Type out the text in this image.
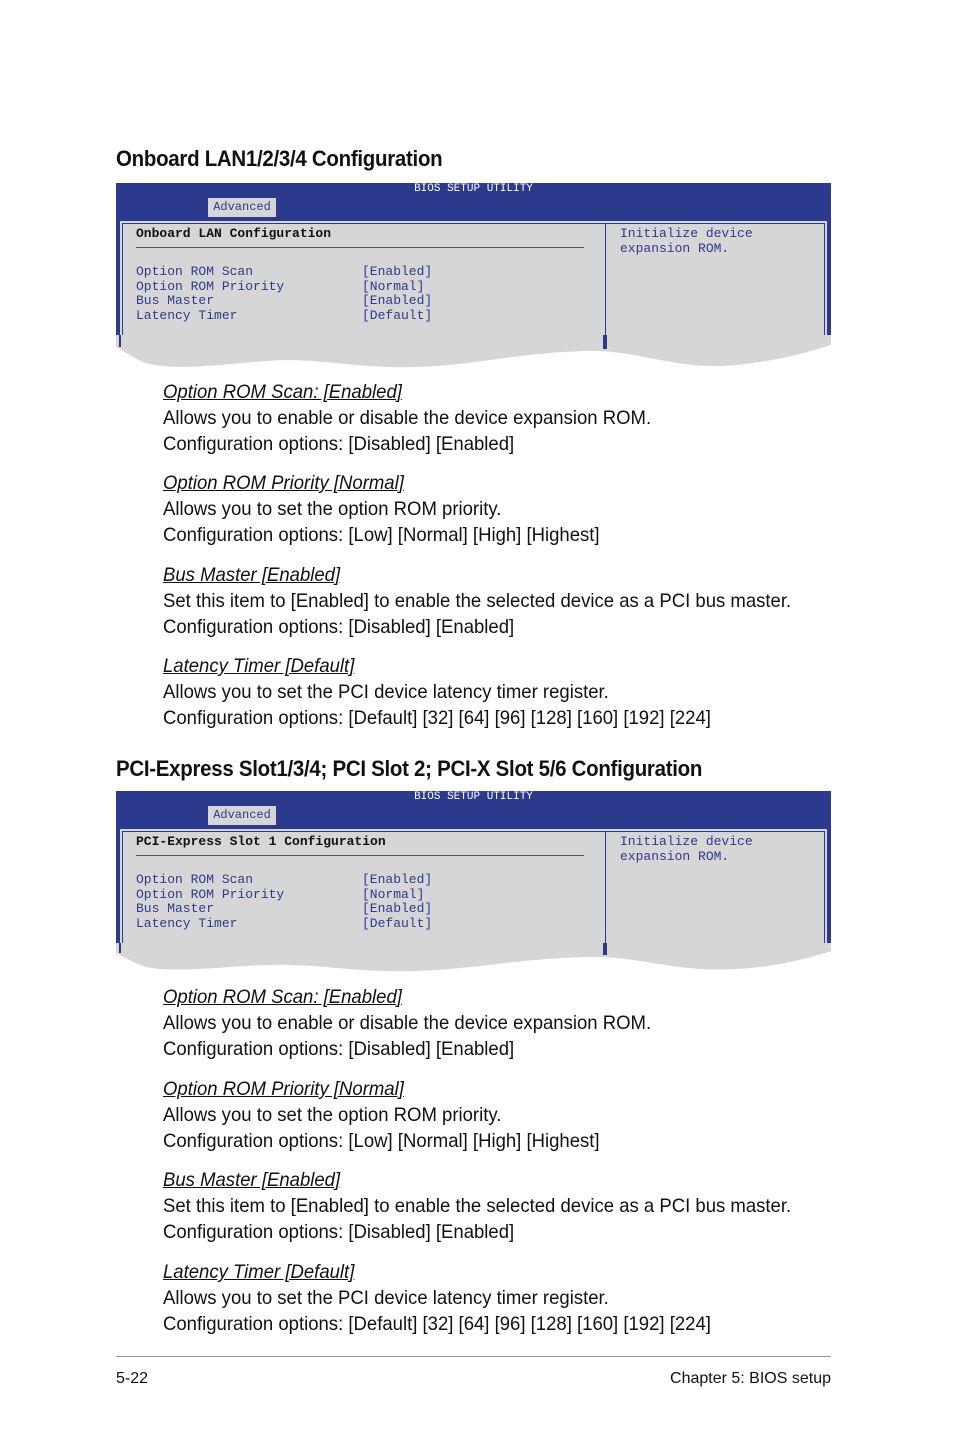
Onboard LAN1/2/3/4 Configuration
BIOS SETUP UTILITY
Advanced
Onboard LAN Configuration
Option ROM Scan	[Enabled]
Option ROM Priority	[Normal]
Bus Master	[Enabled]
Latency Timer	[Default]
Initialize device
expansion ROM.
Option ROM Scan: [Enabled]
Allows you to enable or disable the device expansion ROM.
Configuration options: [Disabled] [Enabled]
Option ROM Priority [Normal]
Allows you to set the option ROM priority.
Configuration options: [Low] [Normal] [High] [Highest]
Bus Master [Enabled]
Set this item to [Enabled] to enable the selected device as a PCI bus master.
Configuration options: [Disabled] [Enabled]
Latency Timer [Default]
Allows you to set the PCI device latency timer register.
Configuration options: [Default] [32] [64] [96] [128] [160] [192] [224]
PCI-Express Slot1/3/4; PCI Slot 2; PCI-X Slot 5/6 Configuration
BIOS SETUP UTILITY
Advanced
PCI-Express Slot 1 Configuration
Option ROM Scan	[Enabled]
Option ROM Priority	[Normal]
Bus Master	[Enabled]
Latency Timer	[Default]
Initialize device
expansion ROM.
Option ROM Scan: [Enabled]
Allows you to enable or disable the device expansion ROM.
Configuration options: [Disabled] [Enabled]
Option ROM Priority [Normal]
Allows you to set the option ROM priority.
Configuration options: [Low] [Normal] [High] [Highest]
Bus Master [Enabled]
Set this item to [Enabled] to enable the selected device as a PCI bus master.
Configuration options: [Disabled] [Enabled]
Latency Timer [Default]
Allows you to set the PCI device latency timer register.
Configuration options: [Default] [32] [64] [96] [128] [160] [192] [224]
5-22	Chapter 5: BIOS setup
